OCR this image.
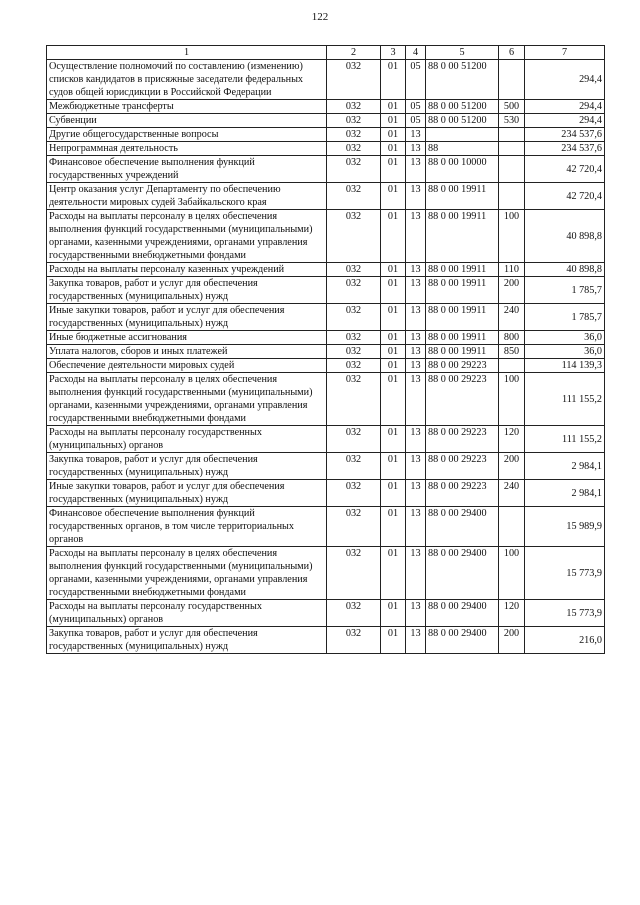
122
1	2	3	4	5	6	7
Осуществление полномочий по составлению (изменению) списков кандидатов в присяжные заседатели федеральных судов общей юрисдикции в Российской Федерации	032	01	05	88 0 00 51200		294,4
Межбюджетные трансферты	032	01	05	88 0 00 51200	500	294,4
Субвенции	032	01	05	88 0 00 51200	530	294,4
Другие общегосударственные вопросы	032	01	13			234 537,6
Непрограммная деятельность	032	01	13	88		234 537,6
Финансовое обеспечение выполнения функций государственных учреждений	032	01	13	88 0 00 10000		42 720,4
Центр оказания услуг Департаменту по обеспечению деятельности мировых судей Забайкальского края	032	01	13	88 0 00 19911		42 720,4
Расходы на выплаты персоналу в целях обеспечения выполнения функций государственными (муниципальными) органами, казенными учреждениями, органами управления государственными внебюджетными фондами	032	01	13	88 0 00 19911	100	40 898,8
Расходы на выплаты персоналу казенных учреждений	032	01	13	88 0 00 19911	110	40 898,8
Закупка товаров, работ и услуг для обеспечения государственных (муниципальных) нужд	032	01	13	88 0 00 19911	200	1 785,7
Иные закупки товаров, работ и услуг для обеспечения государственных (муниципальных) нужд	032	01	13	88 0 00 19911	240	1 785,7
Иные бюджетные ассигнования	032	01	13	88 0 00 19911	800	36,0
Уплата налогов, сборов и иных платежей	032	01	13	88 0 00 19911	850	36,0
Обеспечение деятельности мировых судей	032	01	13	88 0 00 29223		114 139,3
Расходы на выплаты персоналу в целях обеспечения выполнения функций государственными (муниципальными) органами, казенными учреждениями, органами управления государственными внебюджетными фондами	032	01	13	88 0 00 29223	100	111 155,2
Расходы на выплаты персоналу государственных (муниципальных) органов	032	01	13	88 0 00 29223	120	111 155,2
Закупка товаров, работ и услуг для обеспечения государственных (муниципальных) нужд	032	01	13	88 0 00 29223	200	2 984,1
Иные закупки товаров, работ и услуг для обеспечения государственных (муниципальных) нужд	032	01	13	88 0 00 29223	240	2 984,1
Финансовое обеспечение выполнения функций государственных органов, в том числе территориальных органов	032	01	13	88 0 00 29400		15 989,9
Расходы на выплаты персоналу в целях обеспечения выполнения функций государственными (муниципальными) органами, казенными учреждениями, органами управления государственными внебюджетными фондами	032	01	13	88 0 00 29400	100	15 773,9
Расходы на выплаты персоналу государственных (муниципальных) органов	032	01	13	88 0 00 29400	120	15 773,9
Закупка товаров, работ и услуг для обеспечения государственных (муниципальных) нужд	032	01	13	88 0 00 29400	200	216,0
